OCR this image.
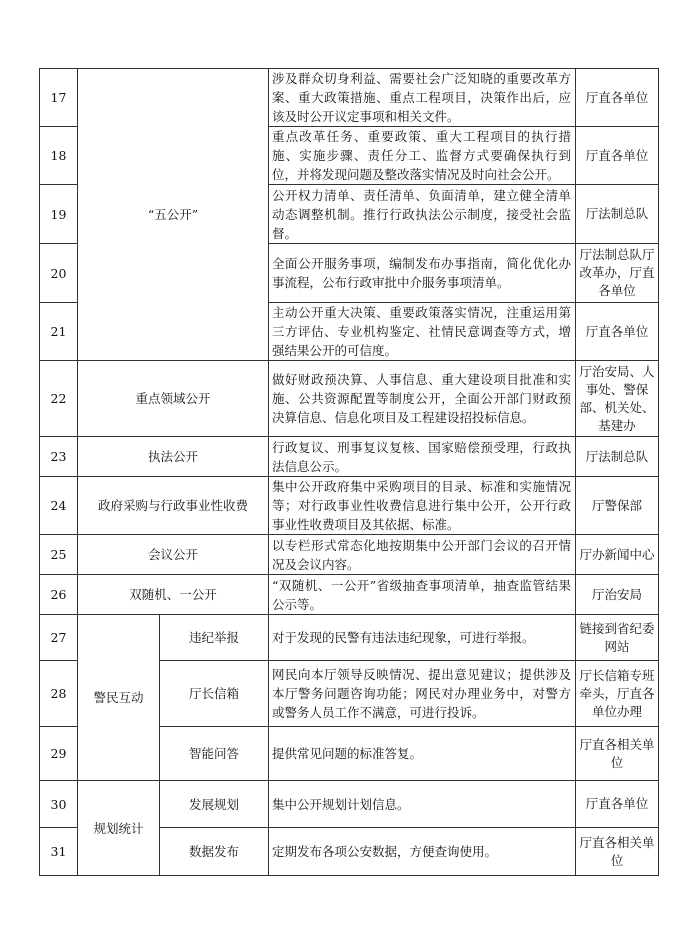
17	“五公开”		涉及群众切身利益、需要社会广泛知晓的重要改革方案、重大政策措施、重点工程项目，决策作出后，应该及时公开议定事项和相关文件。	厅直各单位
18			重点改革任务、重要政策、重大工程项目的执行措施、实施步骤、责任分工、监督方式要确保执行到位，并将发现问题及整改落实情况及时向社会公开。	厅直各单位
19			公开权力清单、责任清单、负面清单，建立健全清单动态调整机制。推行行政执法公示制度，接受社会监督。	厅法制总队
20			全面公开服务事项，编制发布办事指南，简化优化办事流程，公布行政审批中介服务事项清单。	厅法制总队厅改革办，厅直各单位
21			主动公开重大决策、重要政策落实情况，注重运用第三方评估、专业机构鉴定、社情民意调查等方式，增强结果公开的可信度。	厅直各单位
22	重点领域公开		做好财政预决算、人事信息、重大建设项目批准和实施、公共资源配置等制度公开，全面公开部门财政预决算信息、信息化项目及工程建设招投标信息。	厅治安局、人事处、警保部、机关处、基建办
23	执法公开		行政复议、刑事复议复核、国家赔偿预受理，行政执法信息公示。	厅法制总队
24	政府采购与行政事业性收费		集中公开政府集中采购项目的目录、标准和实施情况等；对行政事业性收费信息进行集中公开，公开行政事业性收费项目及其依据、标准。	厅警保部
25	会议公开		以专栏形式常态化地按期集中公开部门会议的召开情况及会议内容。	厅办新闻中心
26	双随机、一公开		“双随机、一公开”省级抽查事项清单，抽查监管结果公示等。	厅治安局
27	警民互动	违纪举报	对于发现的民警有违法违纪现象，可进行举报。	链接到省纪委网站
28		厅长信箱	网民向本厅领导反映情况、提出意见建议；提供涉及本厅警务问题咨询功能；网民对办理业务中，对警方或警务人员工作不满意，可进行投诉。	厅长信箱专班牵头，厅直各单位办理
29		智能问答	提供常见问题的标准答复。	厅直各相关单位
30	规划统计	发展规划	集中公开规划计划信息。	厅直各单位
31		数据发布	定期发布各项公安数据，方便查询使用。	厅直各相关单位
